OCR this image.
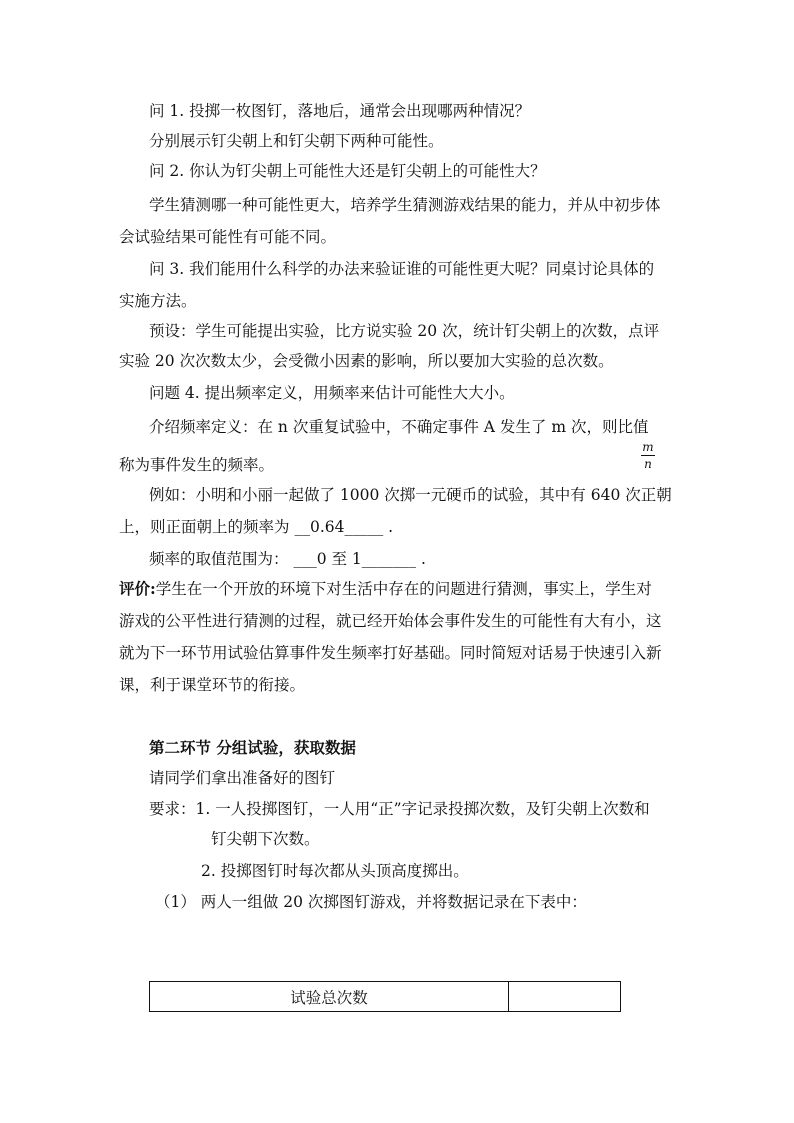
问 1. 投掷一枚图钉，落地后，通常会出现哪两种情况？
分别展示钉尖朝上和钉尖朝下两种可能性。
问 2. 你认为钉尖朝上可能性大还是钉尖朝上的可能性大？
学生猜测哪一种可能性更大，培养学生猜测游戏结果的能力，并从中初步体
会试验结果可能性有可能不同。
问 3. 我们能用什么科学的办法来验证谁的可能性更大呢？同桌讨论具体的
实施方法。
预设：学生可能提出实验，比方说实验 20 次，统计钉尖朝上的次数，点评
实验 20 次次数太少，会受微小因素的影响，所以要加大实验的总次数。
问题 4. 提出频率定义，用频率来估计可能性大大小。
介绍频率定义：在 n 次重复试验中，不确定事件 A 发生了 m 次，则比值
$\frac{m}{n}$
称为事件发生的频率。
例如：小明和小丽一起做了 1000 次掷一元硬币的试验，其中有 640 次正朝
上，则正面朝上的频率为 __0.64_____ .
频率的取值范围为： ___0 至 1_______ .
评价:学生在一个开放的环境下对生活中存在的问题进行猜测，事实上，学生对
游戏的公平性进行猜测的过程，就已经开始体会事件发生的可能性有大有小，这
就为下一环节用试验估算事件发生频率打好基础。同时简短对话易于快速引入新
课，利于课堂环节的衔接。
第二环节 分组试验，获取数据
请同学们拿出准备好的图钉
要求：1. 一人投掷图钉，一人用“正”字记录投掷次数，及钉尖朝上次数和
钉尖朝下次数。
2. 投掷图钉时每次都从头顶高度掷出。
（1） 两人一组做 20 次掷图钉游戏，并将数据记录在下表中：
试验总次数	
